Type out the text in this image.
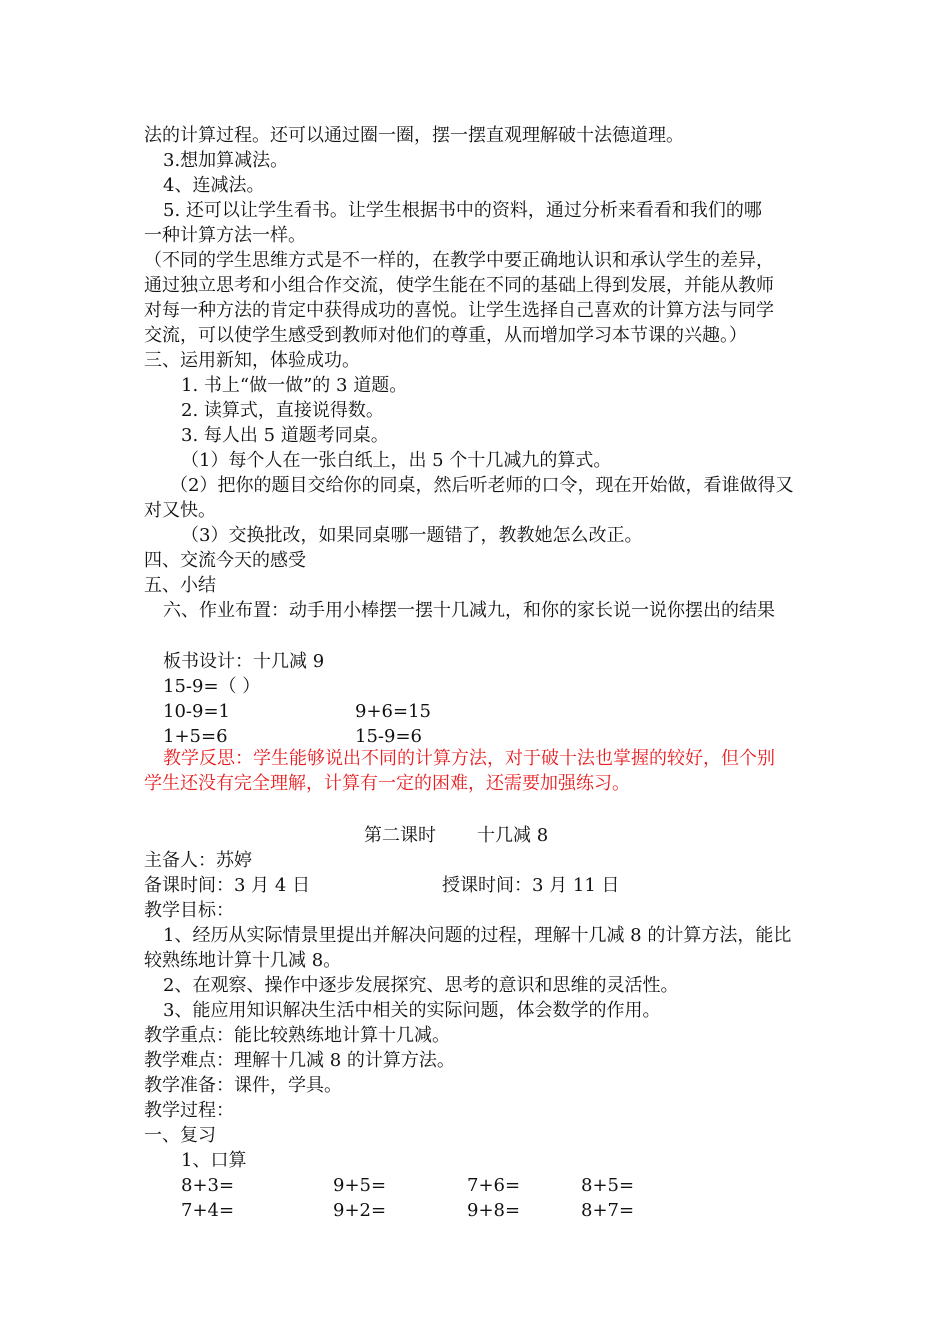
法的计算过程。还可以通过圈一圈，摆一摆直观理解破十法德道理。
3.想加算减法。
4、连减法。
5. 还可以让学生看书。让学生根据书中的资料，通过分析来看看和我们的哪
一种计算方法一样。
（不同的学生思维方式是不一样的，在教学中要正确地认识和承认学生的差异，
通过独立思考和小组合作交流，使学生能在不同的基础上得到发展，并能从教师
对每一种方法的肯定中获得成功的喜悦。让学生选择自己喜欢的计算方法与同学
交流，可以使学生感受到教师对他们的尊重，从而增加学习本节课的兴趣。）
三、运用新知，体验成功。
1. 书上“做一做”的 3 道题。
2. 读算式，直接说得数。
3. 每人出 5 道题考同桌。
（1）每个人在一张白纸上，出 5 个十几减九的算式。
（2）把你的题目交给你的同桌，然后听老师的口令，现在开始做，看谁做得又
对又快。
（3）交换批改，如果同桌哪一题错了，教教她怎么改正。
四、交流今天的感受
五、小结
六、作业布置：动手用小棒摆一摆十几减九，和你的家长说一说你摆出的结果
板书设计：十几减 9
15-9=（ ）
10-9=1	9+6=15
1+5=6	15-9=6
教学反思：学生能够说出不同的计算方法，对于破十法也掌握的较好，但个别
学生还没有完全理解，计算有一定的困难，还需要加强练习。
第二课时 十几减 8
主备人：苏婷
备课时间：3 月 4 日	授课时间：3 月 11 日
教学目标：
1、经历从实际情景里提出并解决问题的过程，理解十几减 8 的计算方法，能比
较熟练地计算十几减 8。
2、在观察、操作中逐步发展探究、思考的意识和思维的灵活性。
3、能应用知识解决生活中相关的实际问题，体会数学的作用。
教学重点：能比较熟练地计算十几减。
教学难点：理解十几减 8 的计算方法。
教学准备：课件，学具。
教学过程：
一、复习
1、口算
8+3=	9+5=	7+6=	8+5=
7+4=	9+2=	9+8=	8+7=
